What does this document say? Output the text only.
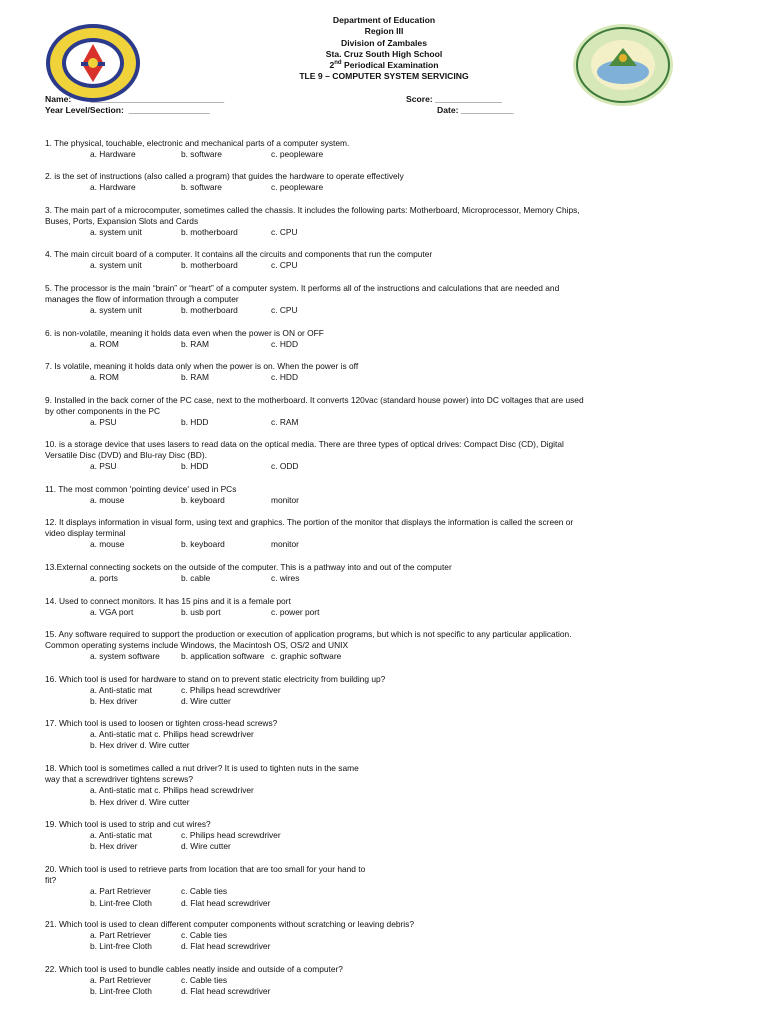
Department of Education
Region III
Division of Zambales
Sta. Cruz South High School
2nd Periodical Examination
TLE 9 – COMPUTER SYSTEM SERVICING
Name:        ____________________________
Year Level/Section:  _________________
Score: ______________
Date: ___________
1. The physical, touchable, electronic and mechanical parts of a computer system.
a. Hardware	b. software	c. peopleware
2. is the set of instructions (also called a program) that guides the hardware to operate effectively
a. Hardware	b. software	c. peopleware
3. The main part of a microcomputer, sometimes called the chassis. It includes the following parts: Motherboard, Microprocessor, Memory Chips,
Buses, Ports, Expansion Slots and Cards
a. system unit	b. motherboard	c. CPU
4. The main circuit board of a computer. It contains all the circuits and components that run the computer
a. system unit	b. motherboard	c. CPU
5. The processor is the main “brain” or “heart” of a computer system. It performs all of the instructions and calculations that are needed and
manages the flow of information through a computer
a. system unit	b. motherboard	c. CPU
6. is non-volatile, meaning it holds data even when the power is ON or OFF
a. ROM	b. RAM	c. HDD
7. Is volatile, meaning it holds data only when the power is on. When the power is off
a. ROM	b. RAM	c. HDD
9. Installed in the back corner of the PC case, next to the motherboard. It converts 120vac (standard house power) into DC voltages that are used
by other components in the PC
a. PSU	b. HDD	c. RAM
10. is a storage device that uses lasers to read data on the optical media. There are three types of optical drives: Compact Disc (CD), Digital
Versatile Disc (DVD) and Blu-ray Disc (BD).
a. PSU	b. HDD	c. ODD
11. The most common 'pointing device' used in PCs
a. mouse	b. keyboard	monitor
12. It displays information in visual form, using text and graphics. The portion of the monitor that displays the information is called the screen or
video display terminal
a. mouse	b. keyboard	monitor
13.External connecting sockets on the outside of the computer. This is a pathway into and out of the computer
a. ports	b. cable	c. wires
14. Used to connect monitors. It has 15 pins and it is a female port
a. VGA port	b. usb port	c. power port
15. Any software required to support the production or execution of application programs, but which is not specific to any particular application.
Common operating systems include Windows, the Macintosh OS, OS/2 and UNIX
a. system software	b. application software c. graphic software
16. Which tool is used for hardware to stand on to prevent static electricity from building up?
a. Anti-static mat	c. Philips head screwdriver
b. Hex driver	d. Wire cutter
17. Which tool is used to loosen or tighten cross-head screws?
a. Anti-static mat c. Philips head screwdriver
b. Hex driver d. Wire cutter
18. Which tool is sometimes called a nut driver? It is used to tighten nuts in the same
way that a screwdriver tightens screws?
a. Anti-static mat c. Philips head screwdriver
b. Hex driver d. Wire cutter
19. Which tool is used to strip and cut wires?
a. Anti-static mat	c. Philips head screwdriver
b. Hex driver	d. Wire cutter
20. Which tool is used to retrieve parts from location that are too small for your hand to
fit?
a. Part Retriever	c. Cable ties
b. Lint-free Cloth	d. Flat head screwdriver
21. Which tool is used to clean different computer components without scratching or leaving debris?
a. Part Retriever	c. Cable ties
b. Lint-free Cloth	d. Flat head screwdriver
22. Which tool is used to bundle cables neatly inside and outside of a computer?
a. Part Retriever	c. Cable ties
b. Lint-free Cloth	d. Flat head screwdriver
